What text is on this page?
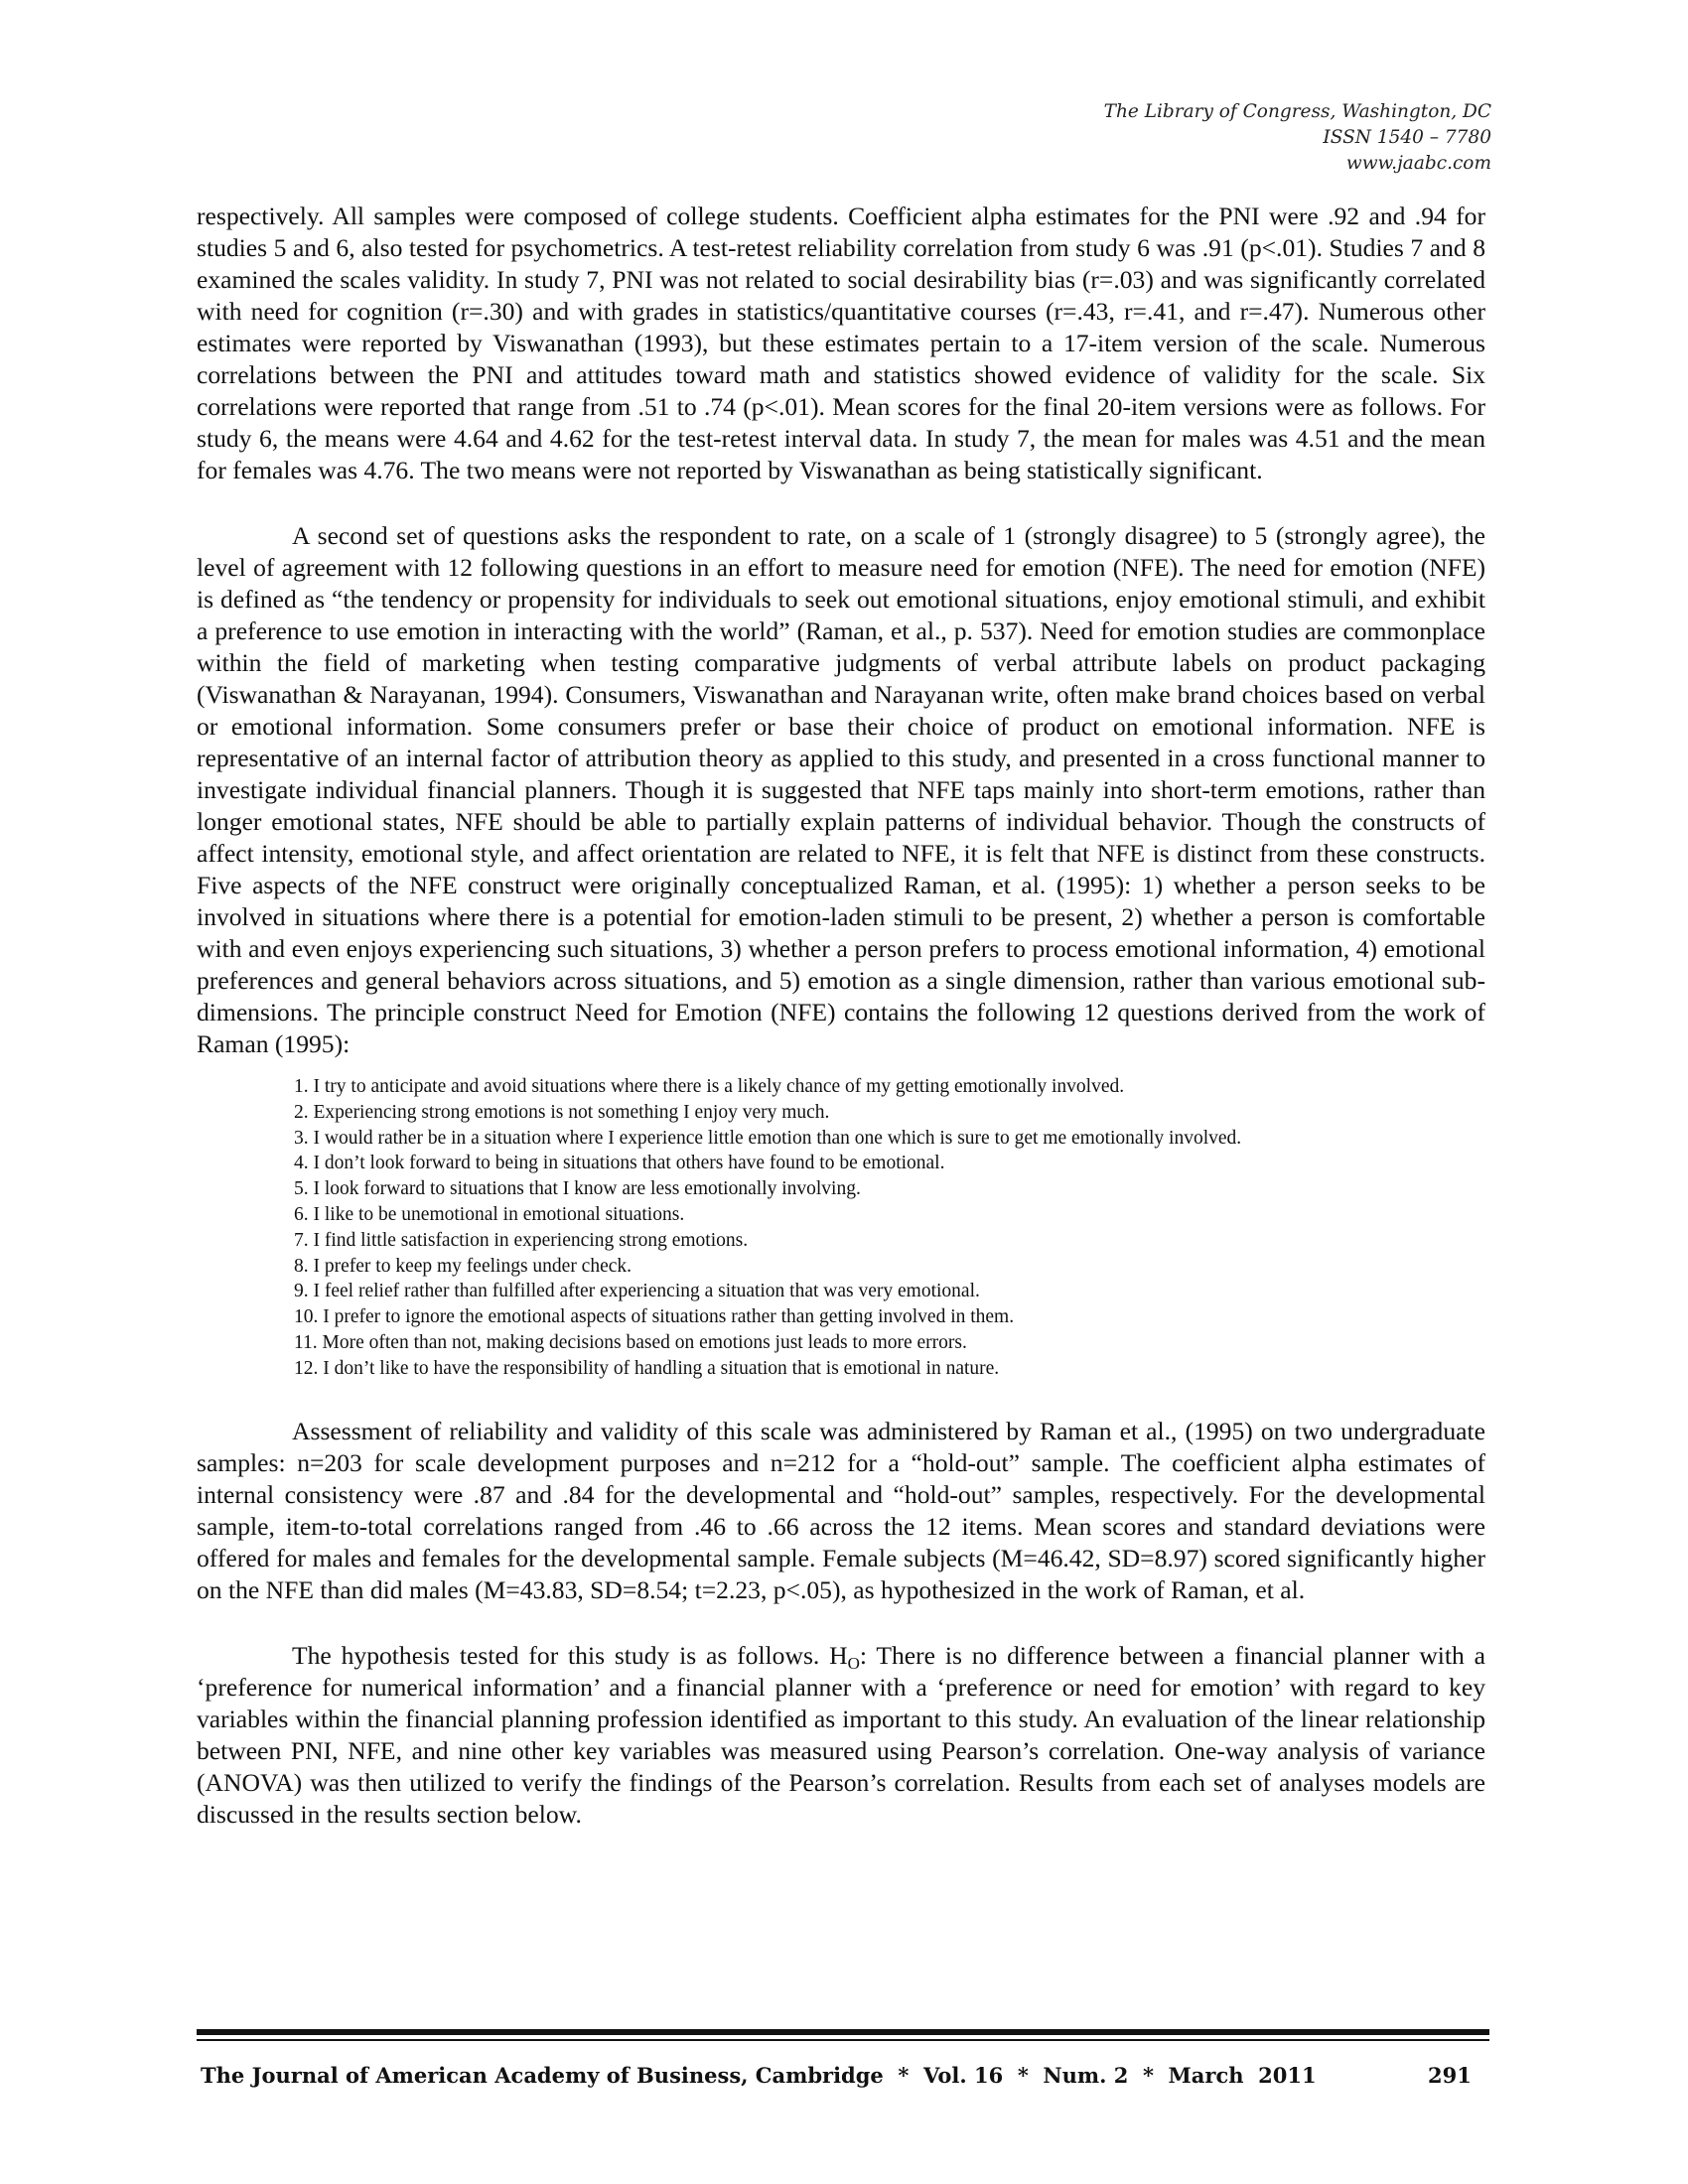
The Library of Congress, Washington, DC
ISSN 1540 – 7780
www.jaabc.com

respectively. All samples were composed of college students. Coefficient alpha estimates for the PNI were .92 and .94 for studies 5 and 6, also tested for psychometrics. A test-retest reliability correlation from study 6 was .91 (p<.01). Studies 7 and 8 examined the scales validity. In study 7, PNI was not related to social desirability bias (r=.03) and was significantly correlated with need for cognition (r=.30) and with grades in statistics/quantitative courses (r=.43, r=.41, and r=.47). Numerous other estimates were reported by Viswanathan (1993), but these estimates pertain to a 17-item version of the scale. Numerous correlations between the PNI and attitudes toward math and statistics showed evidence of validity for the scale. Six correlations were reported that range from .51 to .74 (p<.01). Mean scores for the final 20-item versions were as follows. For study 6, the means were 4.64 and 4.62 for the test-retest interval data. In study 7, the mean for males was 4.51 and the mean for females was 4.76. The two means were not reported by Viswanathan as being statistically significant.

A second set of questions asks the respondent to rate, on a scale of 1 (strongly disagree) to 5 (strongly agree), the level of agreement with 12 following questions in an effort to measure need for emotion (NFE). The need for emotion (NFE) is defined as “the tendency or propensity for individuals to seek out emotional situations, enjoy emotional stimuli, and exhibit a preference to use emotion in interacting with the world” (Raman, et al., p. 537). Need for emotion studies are commonplace within the field of marketing when testing comparative judgments of verbal attribute labels on product packaging (Viswanathan & Narayanan, 1994). Consumers, Viswanathan and Narayanan write, often make brand choices based on verbal or emotional information. Some consumers prefer or base their choice of product on emotional information. NFE is representative of an internal factor of attribution theory as applied to this study, and presented in a cross functional manner to investigate individual financial planners. Though it is suggested that NFE taps mainly into short-term emotions, rather than longer emotional states, NFE should be able to partially explain patterns of individual behavior. Though the constructs of affect intensity, emotional style, and affect orientation are related to NFE, it is felt that NFE is distinct from these constructs. Five aspects of the NFE construct were originally conceptualized Raman, et al. (1995): 1) whether a person seeks to be involved in situations where there is a potential for emotion-laden stimuli to be present, 2) whether a person is comfortable with and even enjoys experiencing such situations, 3) whether a person prefers to process emotional information, 4) emotional preferences and general behaviors across situations, and 5) emotion as a single dimension, rather than various emotional sub-dimensions. The principle construct Need for Emotion (NFE) contains the following 12 questions derived from the work of Raman (1995):

1. I try to anticipate and avoid situations where there is a likely chance of my getting emotionally involved.
2. Experiencing strong emotions is not something I enjoy very much.
3. I would rather be in a situation where I experience little emotion than one which is sure to get me emotionally involved.
4. I don’t look forward to being in situations that others have found to be emotional.
5. I look forward to situations that I know are less emotionally involving.
6. I like to be unemotional in emotional situations.
7. I find little satisfaction in experiencing strong emotions.
8. I prefer to keep my feelings under check.
9. I feel relief rather than fulfilled after experiencing a situation that was very emotional.
10. I prefer to ignore the emotional aspects of situations rather than getting involved in them.
11. More often than not, making decisions based on emotions just leads to more errors.
12. I don’t like to have the responsibility of handling a situation that is emotional in nature.

Assessment of reliability and validity of this scale was administered by Raman et al., (1995) on two undergraduate samples: n=203 for scale development purposes and n=212 for a “hold-out” sample. The coefficient alpha estimates of internal consistency were .87 and .84 for the developmental and “hold-out” samples, respectively. For the developmental sample, item-to-total correlations ranged from .46 to .66 across the 12 items. Mean scores and standard deviations were offered for males and females for the developmental sample. Female subjects (M=46.42, SD=8.97) scored significantly higher on the NFE than did males (M=43.83, SD=8.54; t=2.23, p<.05), as hypothesized in the work of Raman, et al.

The hypothesis tested for this study is as follows. $H_O$: There is no difference between a financial planner with a ‘preference for numerical information’ and a financial planner with a ‘preference or need for emotion’ with regard to key variables within the financial planning profession identified as important to this study. An evaluation of the linear relationship between PNI, NFE, and nine other key variables was measured using Pearson’s correlation. One-way analysis of variance (ANOVA) was then utilized to verify the findings of the Pearson’s correlation. Results from each set of analyses models are discussed in the results section below.

The Journal of American Academy of Business, Cambridge  *  Vol. 16  *  Num. 2  *  March  2011	291
